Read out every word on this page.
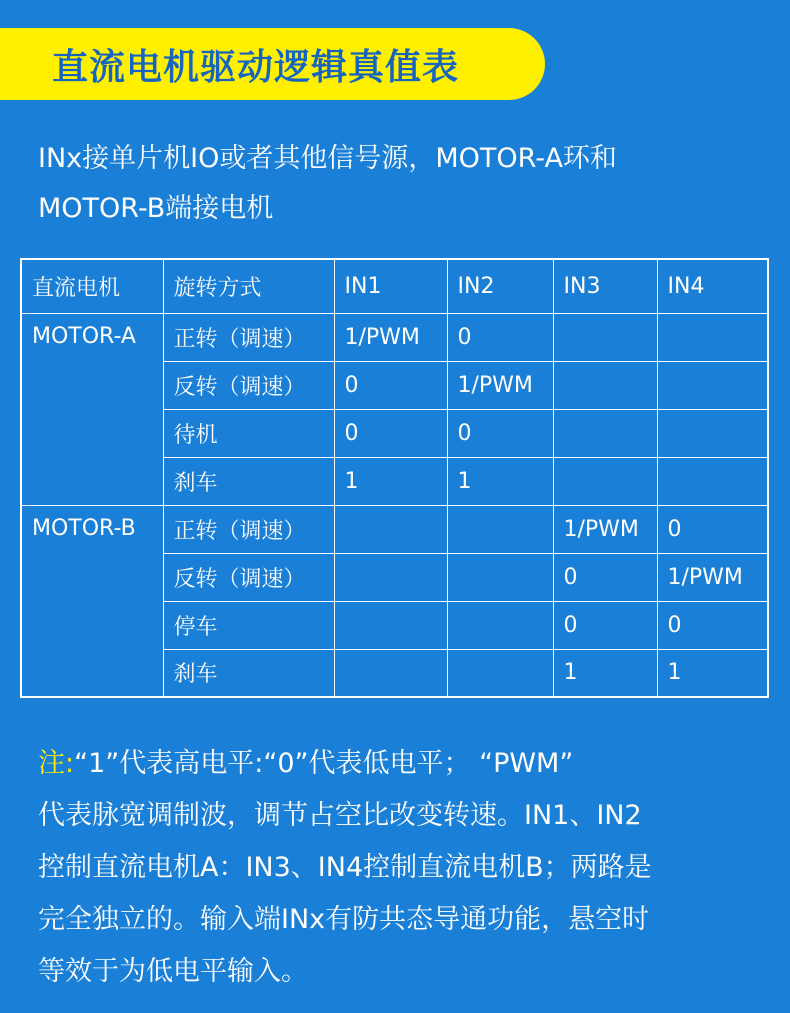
直流电机驱动逻辑真值表
INx接单片机IO或者其他信号源，MOTOR-A环和
MOTOR-B端接电机
直流电机	旋转方式	IN1	IN2	IN3	IN4
MOTOR-A	正转（调速）	1/PWM	0		
	反转（调速）	0	1/PWM		
	待机	0	0		
	刹车	1	1		
MOTOR-B	正转（调速）			1/PWM	0
	反转（调速）			0	1/PWM
	停车			0	0
	刹车			1	1
注:“1”代表高电平:“0”代表低电平； “PWM”
代表脉宽调制波，调节占空比改变转速。IN1、IN2
控制直流电机A：IN3、IN4控制直流电机B；两路是
完全独立的。输入端INx有防共态导通功能，悬空时
等效于为低电平输入。
